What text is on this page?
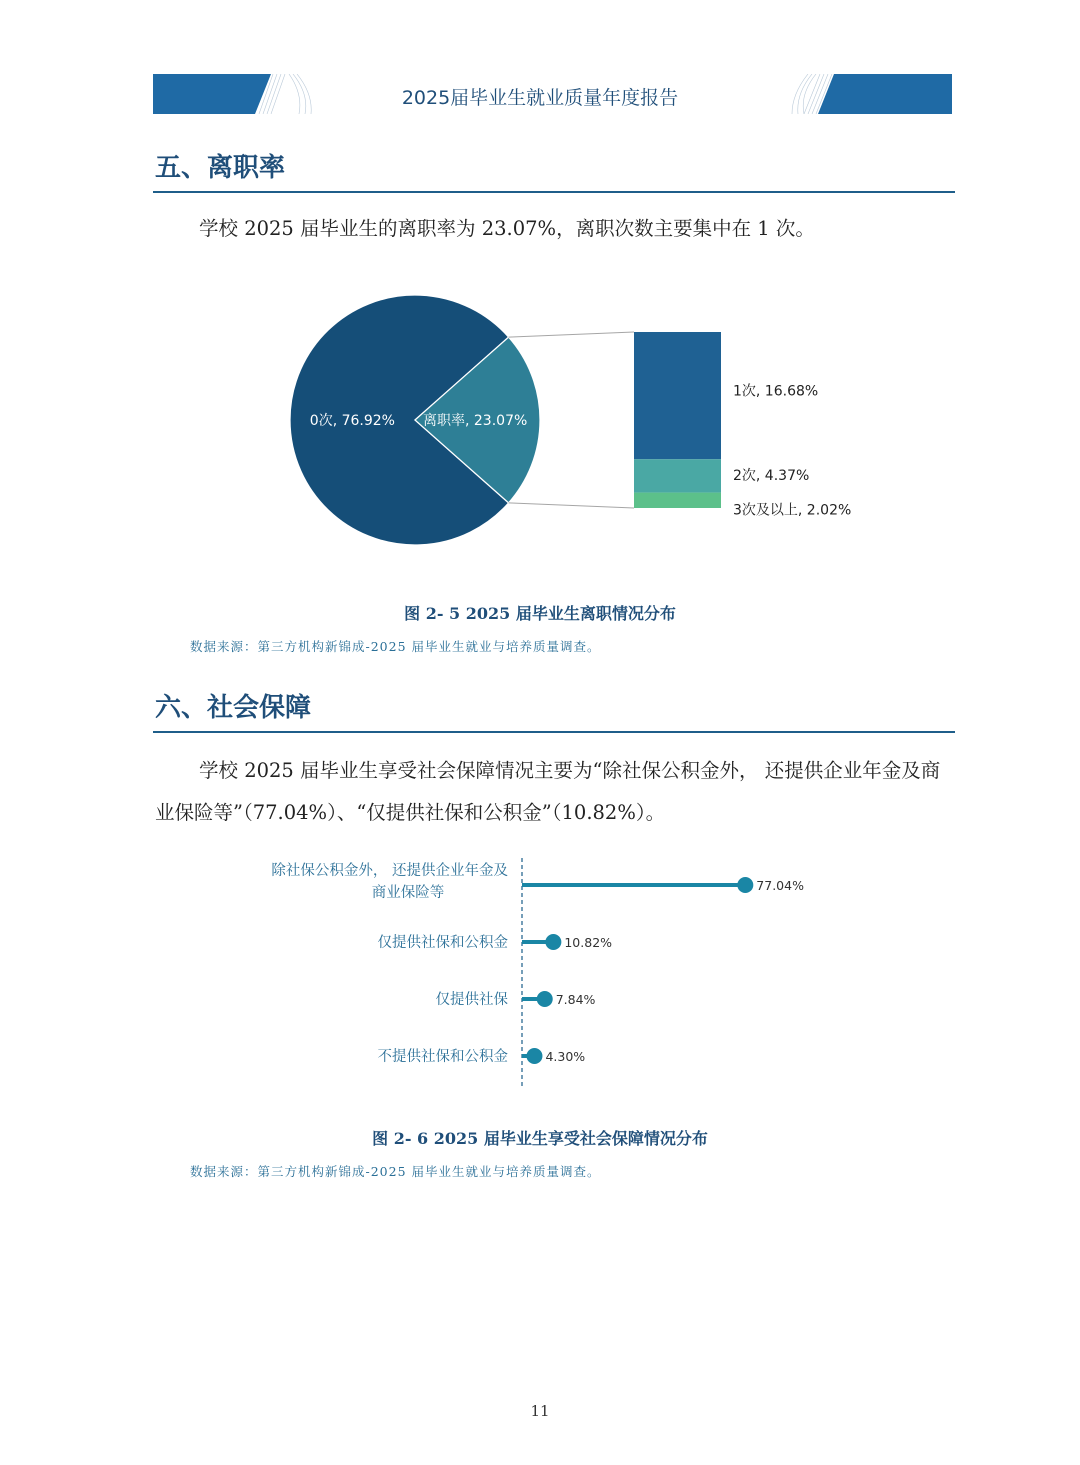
2025届毕业生就业质量年度报告
五、离职率
学校 2025 届毕业生的离职率为 23.07%，离职次数主要集中在 1 次。
0次, 76.92% 离职率, 23.07%
1次, 16.68%
2次, 4.37%
3次及以上, 2.02%
图 2- 5 2025 届毕业生离职情况分布
数据来源：第三方机构新锦成-2025 届毕业生就业与培养质量调查。
六、社会保障
学校 2025 届毕业生享受社会保障情况主要为“除社保公积金外， 还提供企业年金及商业保险等”（77.04%）、“仅提供社保和公积金”（10.82%）。
77.04%
除社保公积金外， 还提供企业年金及
商业保险等
10.82%
仅提供社保和公积金
7.84%
仅提供社保
4.30%
不提供社保和公积金
图 2- 6 2025 届毕业生享受社会保障情况分布
数据来源：第三方机构新锦成-2025 届毕业生就业与培养质量调查。
11
